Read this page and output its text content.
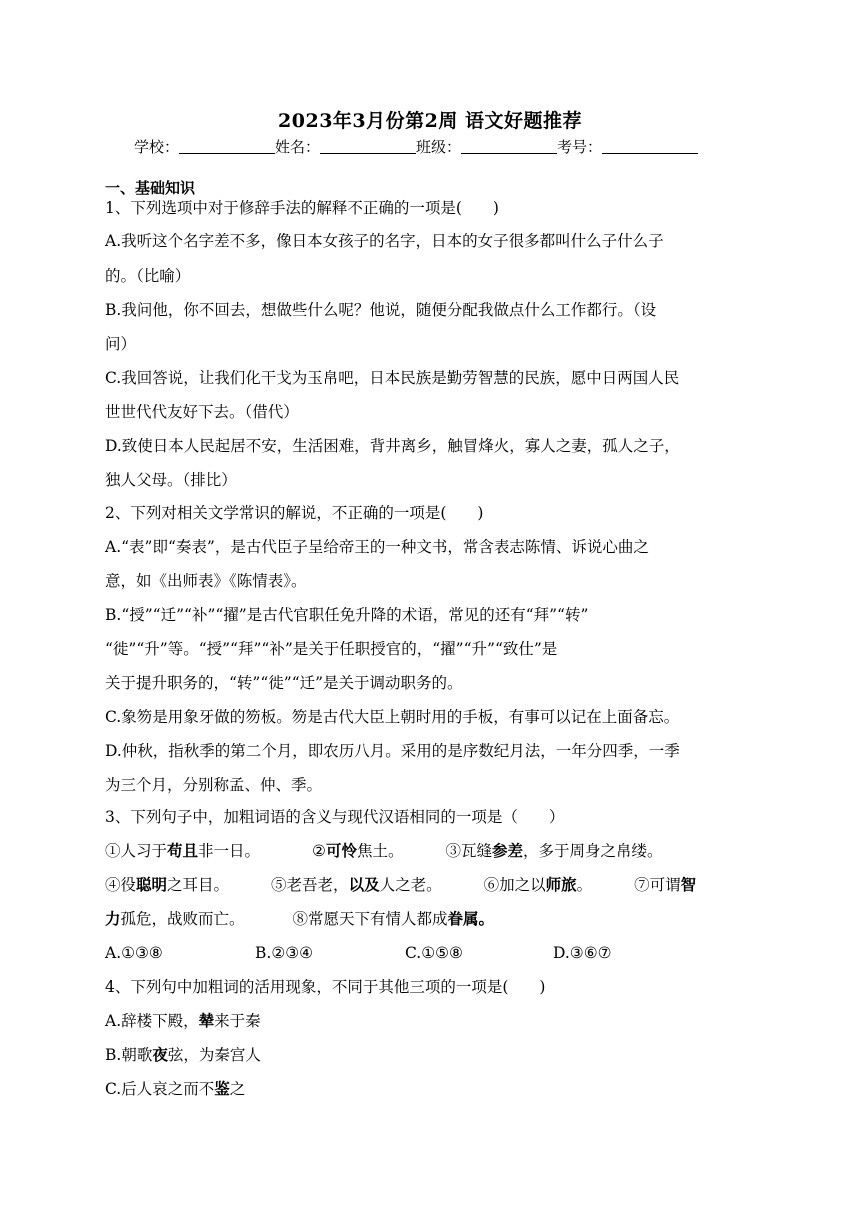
2023年3月份第2周 语文好题推荐
学校：	姓名：	班级：	考号：
一、基础知识
1、下列选项中对于修辞手法的解释不正确的一项是(　　)
A.我听这个名字差不多，像日本女孩子的名字，日本的女子很多都叫什么子什么子
的。（比喻）
B.我问他，你不回去，想做些什么呢？他说，随便分配我做点什么工作都行。（设
问）
C.我回答说，让我们化干戈为玉帛吧，日本民族是勤劳智慧的民族，愿中日两国人民
世世代代友好下去。（借代）
D.致使日本人民起居不安，生活困难，背井离乡，触冒烽火，寡人之妻，孤人之子，
独人父母。（排比）
2、下列对相关文学常识的解说，不正确的一项是(　　)
A.“表”即“奏表”，是古代臣子呈给帝王的一种文书，常含表志陈情、诉说心曲之
意，如《出师表》《陈情表》。
B.“授”“迁”“补”“擢”是古代官职任免升降的术语，常见的还有“拜”“转”
“徙”“升”等。“授”“拜”“补”是关于任职授官的，“擢”“升”“致仕”是
关于提升职务的，“转”“徙”“迁”是关于调动职务的。
C.象笏是用象牙做的笏板。笏是古代大臣上朝时用的手板，有事可以记在上面备忘。
D.仲秋，指秋季的第二个月，即农历八月。采用的是序数纪月法，一年分四季，一季
为三个月，分别称孟、仲、季。
3、下列句子中，加粗词语的含义与现代汉语相同的一项是（　　）
①人习于苟且非一日。	②可怜焦土。	③瓦缝参差，多于周身之帛缕。
④役聪明之耳目。	⑤老吾老，以及人之老。	⑥加之以师旅。	⑦可谓智
力孤危，战败而亡。	⑧常愿天下有情人都成眷属。
A.①③⑧	B.②③④	C.①⑤⑧	D.③⑥⑦
4、下列句中加粗词的活用现象，不同于其他三项的一项是(　　)
A.辞楼下殿，辇来于秦
B.朝歌夜弦，为秦宫人
C.后人哀之而不鉴之
